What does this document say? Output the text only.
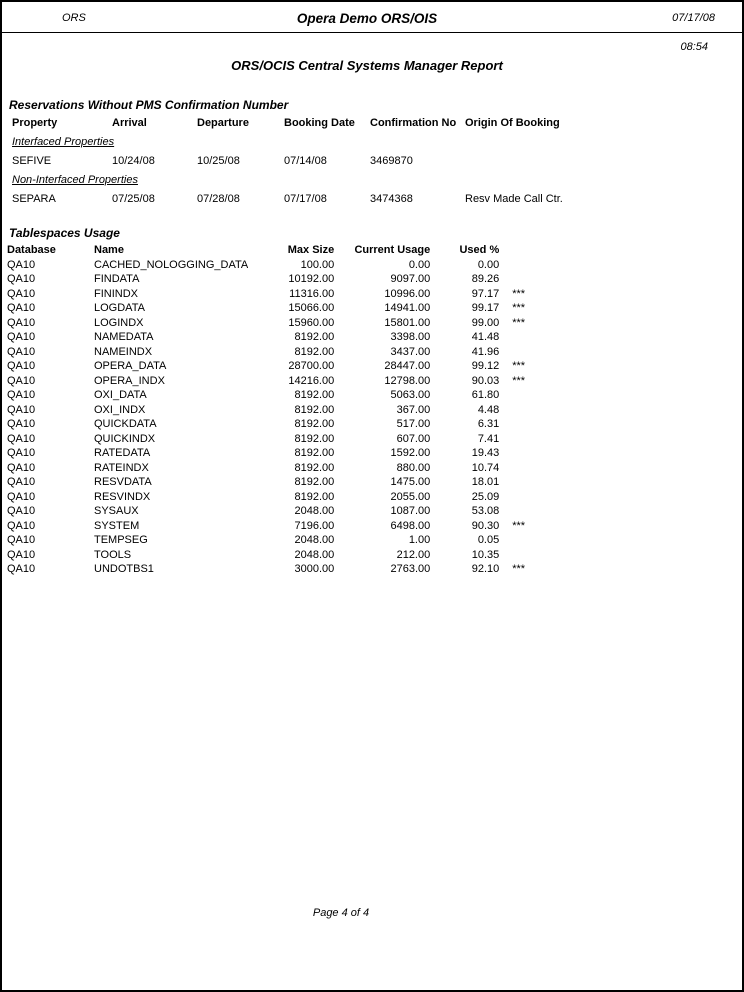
ORS	Opera Demo ORS/OIS	07/17/08
08:54
ORS/OCIS Central Systems Manager Report
Reservations Without PMS Confirmation Number
Property	Arrival	Departure	Booking Date	Confirmation No	Origin Of Booking
Interfaced Properties					
SEFIVE	10/24/08	10/25/08	07/14/08	3469870	
Non-Interfaced Properties					
SEPARA	07/25/08	07/28/08	07/17/08	3474368	Resv Made Call Ctr.
Tablespaces Usage
Database	Name	Max Size	Current Usage	Used %	
QA10	CACHED_NOLOGGING_DATA	100.00	0.00	0.00	
QA10	FINDATA	10192.00	9097.00	89.26	
QA10	FININDX	11316.00	10996.00	97.17	***
QA10	LOGDATA	15066.00	14941.00	99.17	***
QA10	LOGINDX	15960.00	15801.00	99.00	***
QA10	NAMEDATA	8192.00	3398.00	41.48	
QA10	NAMEINDX	8192.00	3437.00	41.96	
QA10	OPERA_DATA	28700.00	28447.00	99.12	***
QA10	OPERA_INDX	14216.00	12798.00	90.03	***
QA10	OXI_DATA	8192.00	5063.00	61.80	
QA10	OXI_INDX	8192.00	367.00	4.48	
QA10	QUICKDATA	8192.00	517.00	6.31	
QA10	QUICKINDX	8192.00	607.00	7.41	
QA10	RATEDATA	8192.00	1592.00	19.43	
QA10	RATEINDX	8192.00	880.00	10.74	
QA10	RESVDATA	8192.00	1475.00	18.01	
QA10	RESVINDX	8192.00	2055.00	25.09	
QA10	SYSAUX	2048.00	1087.00	53.08	
QA10	SYSTEM	7196.00	6498.00	90.30	***
QA10	TEMPSEG	2048.00	1.00	0.05	
QA10	TOOLS	2048.00	212.00	10.35	
QA10	UNDOTBS1	3000.00	2763.00	92.10	***
Page 4 of 4
